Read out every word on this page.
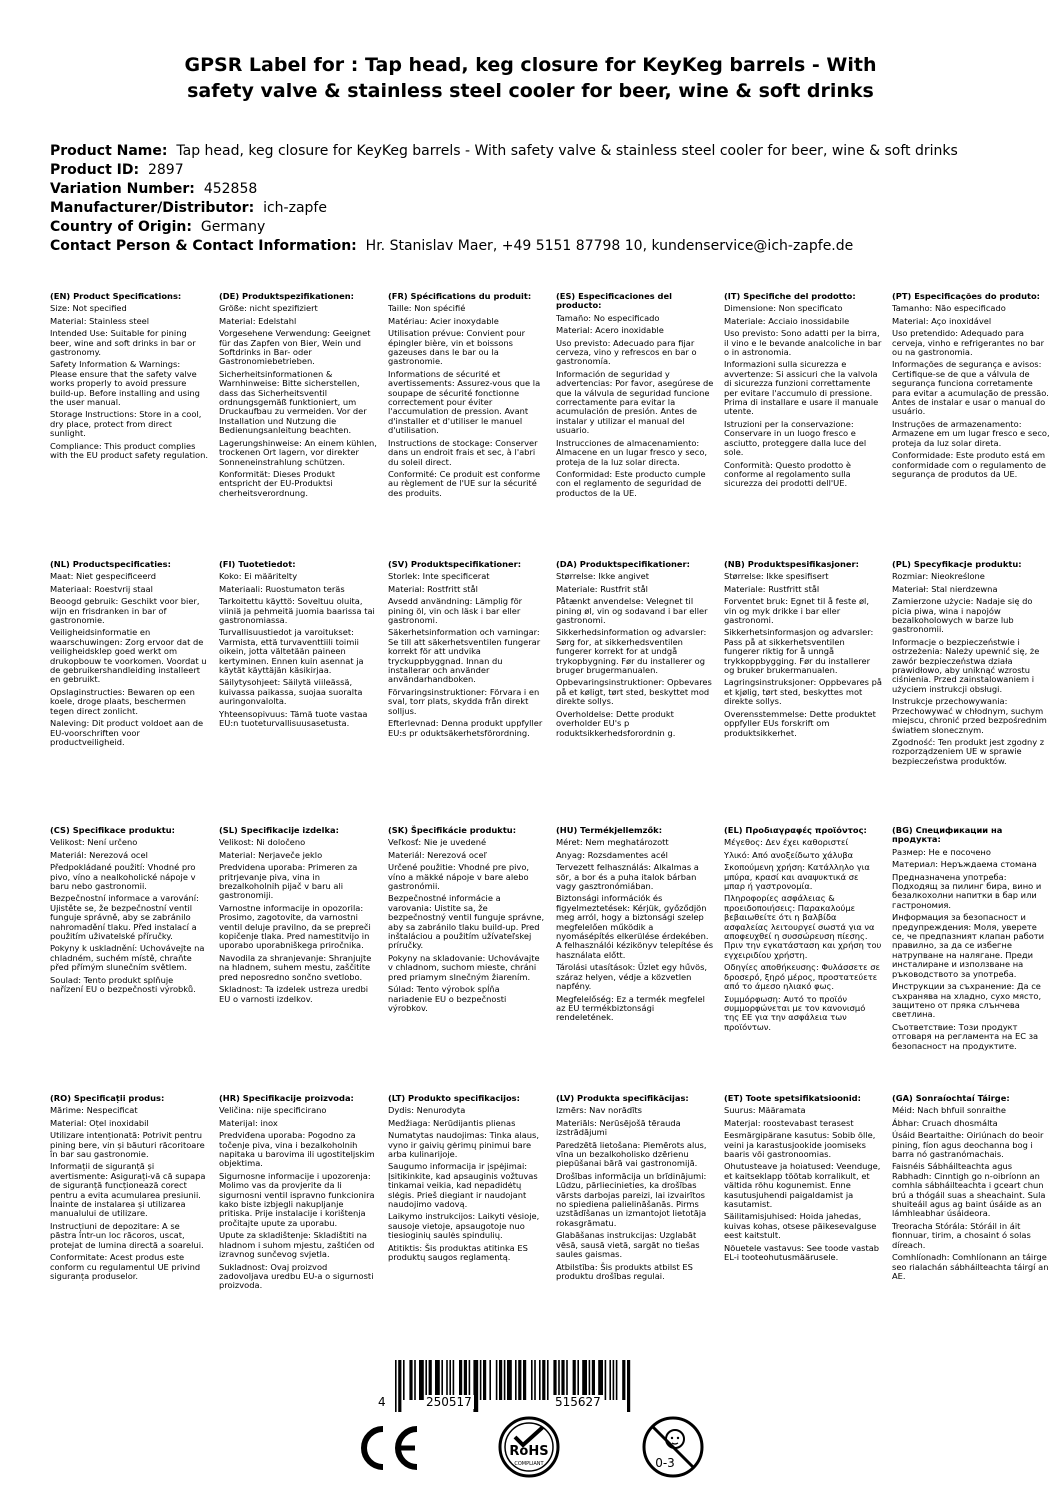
GPSR Label for : Tap head, keg closure for KeyKeg barrels - With
safety valve & stainless steel cooler for beer, wine & soft drinks
Product Name: Tap head, keg closure for KeyKeg barrels - With safety valve & stainless steel cooler for beer, wine & soft drinks
Product ID: 2897
Variation Number: 452858
Manufacturer/Distributor: ich-zapfe
Country of Origin: Germany
Contact Person & Contact Information: Hr. Stanislav Maer, +49 5151 87798 10, kundenservice@ich-zapfe.de
(EN) Product Specifications:
Size: Not specified
Material: Stainless steel
Intended Use: Suitable for pining beer, wine and soft drinks in bar or gastronomy.
Safety Information & Warnings: Please ensure that the safety valve works properly to avoid pressure build-up. Before installing and using the user manual.
Storage Instructions: Store in a cool, dry place, protect from direct sunlight.
Compliance: This product complies with the EU product safety regulation.
(DE) Produktspezifikationen:
Größe: nicht spezifiziert
Material: Edelstahl
Vorgesehene Verwendung: Geeignet für das Zapfen von Bier, Wein und Softdrinks in Bar- oder Gastronomiebetrieben.
Sicherheitsinformationen & Warnhinweise: Bitte sicherstellen, dass das Sicherheitsventil ordnungsgemäß funktioniert, um Druckaufbau zu vermeiden. Vor der Installation und Nutzung die Bedienungsanleitung beachten.
Lagerungshinweise: An einem kühlen, trockenen Ort lagern, vor direkter Sonneneinstrahlung schützen.
Konformität: Dieses Produkt entspricht der EU-Produktsi cherheitsverordnung.
(FR) Spécifications du produit:
Taille: Non spécifié
Matériau: Acier inoxydable
Utilisation prévue: Convient pour épingler bière, vin et boissons gazeuses dans le bar ou la gastronomie.
Informations de sécurité et avertissements: Assurez-vous que la soupape de sécurité fonctionne correctement pour éviter l'accumulation de pression. Avant d'installer et d'utiliser le manuel d'utilisation.
Instructions de stockage: Conserver dans un endroit frais et sec, à l'abri du soleil direct.
Conformité: Ce produit est conforme au règlement de l'UE sur la sécurité des produits.
(ES) Especificaciones del producto:
Tamaño: No especificado
Material: Acero inoxidable
Uso previsto: Adecuado para fijar cerveza, vino y refrescos en bar o gastronomía.
Información de seguridad y advertencias: Por favor, asegúrese de que la válvula de seguridad funcione correctamente para evitar la acumulación de presión. Antes de instalar y utilizar el manual del usuario.
Instrucciones de almacenamiento: Almacene en un lugar fresco y seco, proteja de la luz solar directa.
Conformidad: Este producto cumple con el reglamento de seguridad de productos de la UE.
(IT) Specifiche del prodotto:
Dimensione: Non specificato
Materiale: Acciaio inossidabile
Uso previsto: Sono adatti per la birra, il vino e le bevande analcoliche in bar o in astronomia.
Informazioni sulla sicurezza e avvertenze: Si assicuri che la valvola di sicurezza funzioni correttamente per evitare l'accumulo di pressione. Prima di installare e usare il manuale utente.
Istruzioni per la conservazione: Conservare in un luogo fresco e asciutto, proteggere dalla luce del sole.
Conformità: Questo prodotto è conforme al regolamento sulla sicurezza dei prodotti dell'UE.
(PT) Especificações do produto:
Tamanho: Não especificado
Material: Aço inoxidável
Uso pretendido: Adequado para cerveja, vinho e refrigerantes no bar ou na gastronomia.
Informações de segurança e avisos: Certifique-se de que a válvula de segurança funciona corretamente para evitar a acumulação de pressão. Antes de instalar e usar o manual do usuário.
Instruções de armazenamento: Armazene em um lugar fresco e seco, proteja da luz solar direta.
Conformidade: Este produto está em conformidade com o regulamento de segurança de produtos da UE.
(NL) Productspecificaties:
Maat: Niet gespecificeerd
Materiaal: Roestvrij staal
Beoogd gebruik: Geschikt voor bier, wijn en frisdranken in bar of gastronomie.
Veiligheidsinformatie en waarschuwingen: Zorg ervoor dat de veiligheidsklep goed werkt om drukopbouw te voorkomen. Voordat u de gebruikershandleiding installeert en gebruikt.
Opslaginstructies: Bewaren op een koele, droge plaats, beschermen tegen direct zonlicht.
Naleving: Dit product voldoet aan de EU-voorschriften voor productveiligheid.
(FI) Tuotetiedot:
Koko: Ei määritelty
Materiaali: Ruostumaton teräs
Tarkoitettu käyttö: Soveltuu oluita, viiniä ja pehmeitä juomia baarissa tai gastronomiassa.
Turvallisuustiedot ja varoitukset: Varmista, että turvaventtiili toimii oikein, jotta vältetään paineen kertyminen. Ennen kuin asennat ja käytät käyttäjän käsikirjaa.
Säilytysohjeet: Säilytä viileässä, kuivassa paikassa, suojaa suoralta auringonvalolta.
Yhteensopivuus: Tämä tuote vastaa EU:n tuoteturvallisuusasetusta.
(SV) Produktspecifikationer:
Storlek: Inte specificerat
Material: Rostfritt stål
Avsedd användning: Lämplig för pining öl, vin och läsk i bar eller gastronomi.
Säkerhetsinformation och varningar: Se till att säkerhetsventilen fungerar korrekt för att undvika tryckuppbyggnad. Innan du installerar och använder användarhandboken.
Förvaringsinstruktioner: Förvara i en sval, torr plats, skydda från direkt solljus.
Efterlevnad: Denna produkt uppfyller EU:s pr oduktsäkerhetsförordning.
(DA) Produktspecifikationer:
Størrelse: Ikke angivet
Materiale: Rustfrit stål
Påtænkt anvendelse: Velegnet til pining øl, vin og sodavand i bar eller gastronomi.
Sikkerhedsinformation og advarsler: Sørg for, at sikkerhedsventilen fungerer korrekt for at undgå trykopbygning. Før du installerer og bruger brugermanualen.
Opbevaringsinstruktioner: Opbevares på et køligt, tørt sted, beskyttet mod direkte sollys.
Overholdelse: Dette produkt overholder EU's p roduktsikkerhedsforordnin g.
(NB) Produktspesifikasjoner:
Størrelse: Ikke spesifisert
Materiale: Rustfritt stål
Forventet bruk: Egnet til å feste øl, vin og myk drikke i bar eller gastronomi.
Sikkerhetsinformasjon og advarsler: Pass på at sikkerhetsventilen fungerer riktig for å unngå trykkoppbygging. Før du installerer og bruker brukermanualen.
Lagringsinstruksjoner: Oppbevares på et kjølig, tørt sted, beskyttes mot direkte sollys.
Overensstemmelse: Dette produktet oppfyller EUs forskrift om produktsikkerhet.
(PL) Specyfikacje produktu:
Rozmiar: Nieokreślone
Materiał: Stal nierdzewna
Zamierzone użycie: Nadaje się do picia piwa, wina i napojów bezalkoholowych w barze lub gastronomii.
Informacje o bezpieczeństwie i ostrzeżenia: Należy upewnić się, że zawór bezpieczeństwa działa prawidłowo, aby uniknąć wzrostu ciśnienia. Przed zainstalowaniem i użyciem instrukcji obsługi.
Instrukcje przechowywania: Przechowywać w chłodnym, suchym miejscu, chronić przed bezpośrednim światłem słonecznym.
Zgodność: Ten produkt jest zgodny z rozporządzeniem UE w sprawie bezpieczeństwa produktów.
(CS) Specifikace produktu:
Velikost: Není určeno
Materiál: Nerezová ocel
Předpokládané použití: Vhodné pro pivo, víno a nealkoholické nápoje v baru nebo gastronomii.
Bezpečnostní informace a varování: Ujistěte se, že bezpečnostní ventil funguje správně, aby se zabránilo nahromadění tlaku. Před instalací a použitím uživatelské příručky.
Pokyny k uskladnění: Uchovávejte na chladném, suchém místě, chraňte před přímým slunečním světlem.
Soulad: Tento produkt splňuje nařízení EU o bezpečnosti výrobků.
(SL) Specifikacije izdelka:
Velikost: Ni določeno
Material: Nerjaveče jeklo
Predvidena uporaba: Primeren za pritrjevanje piva, vina in brezalkoholnih pijač v baru ali gastronomiji.
Varnostne informacije in opozorila: Prosimo, zagotovite, da varnostni ventil deluje pravilno, da se prepreči kopičenje tlaka. Pred namestitvijo in uporabo uporabniškega priročnika.
Navodila za shranjevanje: Shranjujte na hladnem, suhem mestu, zaščitite pred neposredno sončno svetlobo.
Skladnost: Ta izdelek ustreza uredbi EU o varnosti izdelkov.
(SK) Špecifikácie produktu:
Veľkosť: Nie je uvedené
Materiál: Nerezová oceľ
Určené použitie: Vhodné pre pivo, víno a mäkké nápoje v bare alebo gastronómii.
Bezpečnostné informácie a varovania: Uistite sa, že bezpečnostný ventil funguje správne, aby sa zabránilo tlaku build-up. Pred inštaláciou a použitím užívateľskej príručky.
Pokyny na skladovanie: Uchovávajte v chladnom, suchom mieste, chráni pred priamym slnečným žiarením.
Súlad: Tento výrobok spĺňa nariadenie EU o bezpečnosti výrobkov.
(HU) Termékjellemzők:
Méret: Nem meghatározott
Anyag: Rozsdamentes acél
Tervezett felhasználás: Alkalmas a sör, a bor és a puha italok bárban vagy gasztronómiában.
Biztonsági információk és figyelmeztetések: Kérjük, győződjön meg arról, hogy a biztonsági szelep megfelelően működik a nyomásépítés elkerülése érdekében. A felhasználói kézikönyv telepítése és használata előtt.
Tárolási utasítások: Üzlet egy hűvös, száraz helyen, védje a közvetlen napfény.
Megfelelőség: Ez a termék megfelel az EU termékbiztonsági rendeletének.
(EL) Προδιαγραφές προϊόντος:
Μέγεθος: Δεν έχει καθοριστεί
Υλικό: Από ανοξείδωτο χάλυβα
Σκοπούμενη χρήση: Κατάλληλο για μπύρα, κρασί και αναψυκτικά σε μπαρ ή γαστρονομία.
Πληροφορίες ασφάλειας & προειδοποιήσεις: Παρακαλούμε βεβαιωθείτε ότι η βαλβίδα ασφαλείας λειτουργεί σωστά για να αποφευχθεί η συσσώρευση πίεσης. Πριν την εγκατάσταση και χρήση του εγχειριδίου χρήστη.
Οδηγίες αποθήκευσης: Φυλάσσετε σε δροσερό, ξηρό μέρος, προστατεύετε από το άμεσο ηλιακό φως.
Συμμόρφωση: Αυτό το προϊόν συμμορφώνεται με τον κανονισμό της ΕΕ για την ασφάλεια των προϊόντων.
(BG) Спецификации на продукта:
Размер: Не е посочено
Материал: Неръждаема стомана
Предназначена употреба: Подходящ за пилинг бира, вино и безалкохолни напитки в бар или гастрономия.
Информация за безопасност и предупреждения: Моля, уверете се, че предпазният клапан работи правилно, за да се избегне натрупване на налягане. Преди инсталиране и използване на ръководството за употреба.
Инструкции за съхранение: Да се съхранява на хладно, сухо място, защитено от пряка слънчева светлина.
Съответствие: Този продукт отговаря на регламента на ЕС за безопасност на продуктите.
(RO) Specificații produs:
Mărime: Nespecificat
Material: Oțel inoxidabil
Utilizare intenționată: Potrivit pentru pining bere, vin și băuturi răcoritoare în bar sau gastronomie.
Informații de siguranță și avertismente: Asigurați-vă că supapa de siguranță funcționează corect pentru a evita acumularea presiunii. Înainte de instalarea și utilizarea manualului de utilizare.
Instrucțiuni de depozitare: A se păstra într-un loc răcoros, uscat, protejat de lumina directă a soarelui.
Conformitate: Acest produs este conform cu regulamentul UE privind siguranța produselor.
(HR) Specifikacije proizvoda:
Veličina: nije specificirano
Materijal: inox
Predviđena uporaba: Pogodno za točenje piva, vina i bezalkoholnih napitaka u barovima ili ugostiteljskim objektima.
Sigurnosne informacije i upozorenja: Molimo vas da provjerite da li sigurnosni ventil ispravno funkcionira kako biste izbjegli nakupljanje pritiska. Prije instalacije i korištenja pročitajte upute za uporabu.
Upute za skladištenje: Skladištiti na hladnom i suhom mjestu, zaštićen od izravnog sunčevog svjetla.
Sukladnost: Ovaj proizvod zadovoljava uredbu EU-a o sigurnosti proizvoda.
(LT) Produkto specifikacijos:
Dydis: Nenurodyta
Medžiaga: Nerūdijantis plienas
Numatytas naudojimas: Tinka alaus, vyno ir gaivių gėrimų pinimui bare arba kulinarijoje.
Saugumo informacija ir įspėjimai: Įsitikinkite, kad apsauginis vožtuvas tinkamai veikia, kad nepadidėtų slėgis. Prieš diegiant ir naudojant naudojimo vadovą.
Laikymo instrukcijos: Laikyti vėsioje, sausoje vietoje, apsaugotoje nuo tiesioginių saulės spindulių.
Atitiktis: Šis produktas atitinka ES produktų saugos reglamentą.
(LV) Produkta specifikācijas:
Izmērs: Nav norādīts
Materiāls: Nerūsējošā tērauda izstrādājumi
Paredzētā lietošana: Piemērots alus, vīna un bezalkoholisko dzērienu piepūšanai bārā vai gastronomijā.
Drošības informācija un brīdinājumi: Lūdzu, pārliecinieties, ka drošības vārsts darbojas pareizi, lai izvairītos no spiediena palielināšanās. Pirms uzstādīšanas un izmantojot lietotāja rokasgrāmatu.
Glabāšanas instrukcijas: Uzglabāt vēsā, sausā vietā, sargāt no tiešas saules gaismas.
Atbilstība: Šis produkts atbilst ES produktu drošības regulai.
(ET) Toote spetsifikatsioonid:
Suurus: Määramata
Materjal: roostevabast terasest
Eesmärgipärane kasutus: Sobib õlle, veini ja karastusjookide joomiseks baaris või gastronoomias.
Ohutusteave ja hoiatused: Veenduge, et kaitseklapp töötab korralikult, et vältida rõhu kogunemist. Enne kasutusjuhendi paigaldamist ja kasutamist.
Säilitamisjuhised: Hoida jahedas, kuivas kohas, otsese päikesevalguse eest kaitstult.
Nõuetele vastavus: See toode vastab EL-i tooteohutusmääruselе.
(GA) Sonraíochtaí Táirge:
Méid: Nach bhfuil sonraithe
Ábhar: Cruach dhosmálta
Úsáid Beartaithe: Oiriúnach do beoir pining, fíon agus deochanna bog i barra nó gastranómachais.
Faisnéis Sábháilteachta agus Rabhadh: Cinntigh go n-oibríonn an comhla sábháilteachta i gceart chun brú a thógáil suas a sheachaint. Sula shuiteáil agus ag baint úsáide as an lámhleabhar úsáideora.
Treoracha Stórála: Stóráil in áit fionnuar, tirim, a chosaint ó solas díreach.
Comhlíonadh: Comhlíonann an táirge seo rialachán sábháilteachta táirgí an AE.
4	250517	515627
RoHS
COMPLIANT	0-3
